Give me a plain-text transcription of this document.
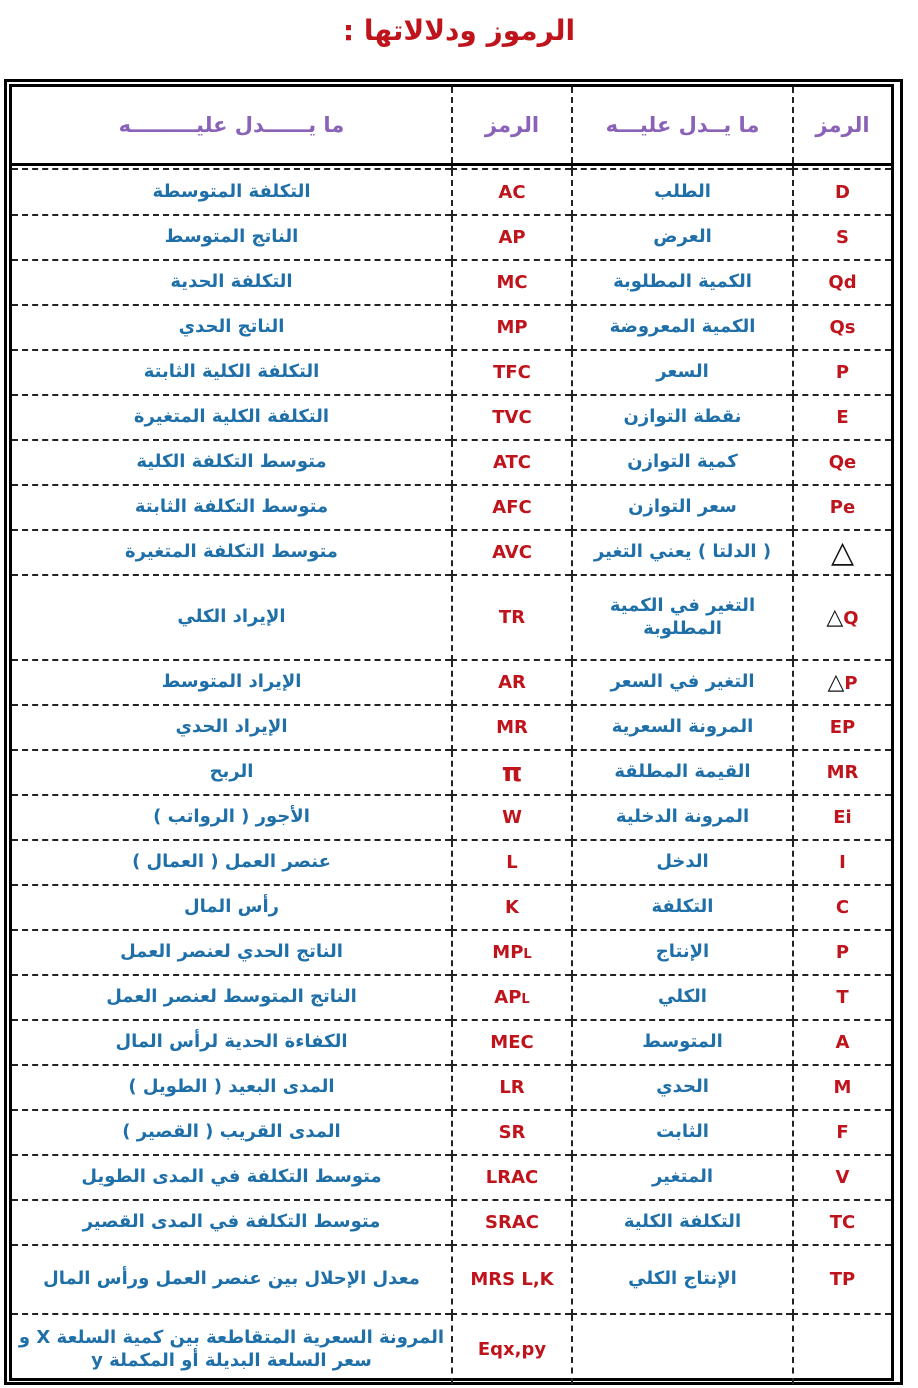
الرموز ودلالاتها :
الرمز	ما يــدل عليـــه	الرمز	ما يــــــدل عليـــــــــه

D	الطلب	AC	التكلفة المتوسطة
S	العرض	AP	الناتج المتوسط
Qd	الكمية المطلوبة	MC	التكلفة الحدية
Qs	الكمية المعروضة	MP	الناتج الحدي
P	السعر	TFC	التكلفة الكلية الثابتة
E	نقطة التوازن	TVC	التكلفة الكلية المتغيرة
Qe	كمية التوازن	ATC	متوسط التكلفة الكلية
Pe	سعر التوازن	AFC	متوسط التكلفة الثابتة
△	( الدلتا ) يعني التغير	AVC	متوسط التكلفة المتغيرة
△Q	التغير في الكمية المطلوبة	TR	الإيراد الكلي
△P	التغير في السعر	AR	الإيراد المتوسط
EP	المرونة السعرية	MR	الإيراد الحدي
MR	القيمة المطلقة	π	الربح
Ei	المرونة الدخلية	W	الأجور ( الرواتب )
I	الدخل	L	عنصر العمل ( العمال )
C	التكلفة	K	رأس المال
P	الإنتاج	MPL	الناتج الحدي لعنصر العمل
T	الكلي	APL	الناتج المتوسط لعنصر العمل
A	المتوسط	MEC	الكفاءة الحدية لرأس المال
M	الحدي	LR	المدى البعيد ( الطويل )
F	الثابت	SR	المدى القريب ( القصير )
V	المتغير	LRAC	متوسط التكلفة في المدى الطويل
TC	التكلفة الكلية	SRAC	متوسط التكلفة في المدى القصير
TP	الإنتاج الكلي	MRS L,K	معدل الإحلال بين عنصر العمل ورأس المال
		Eqx,py	المرونة السعرية المتقاطعة بين كمية السلعة X و سعر السلعة البديلة أو المكملة y
